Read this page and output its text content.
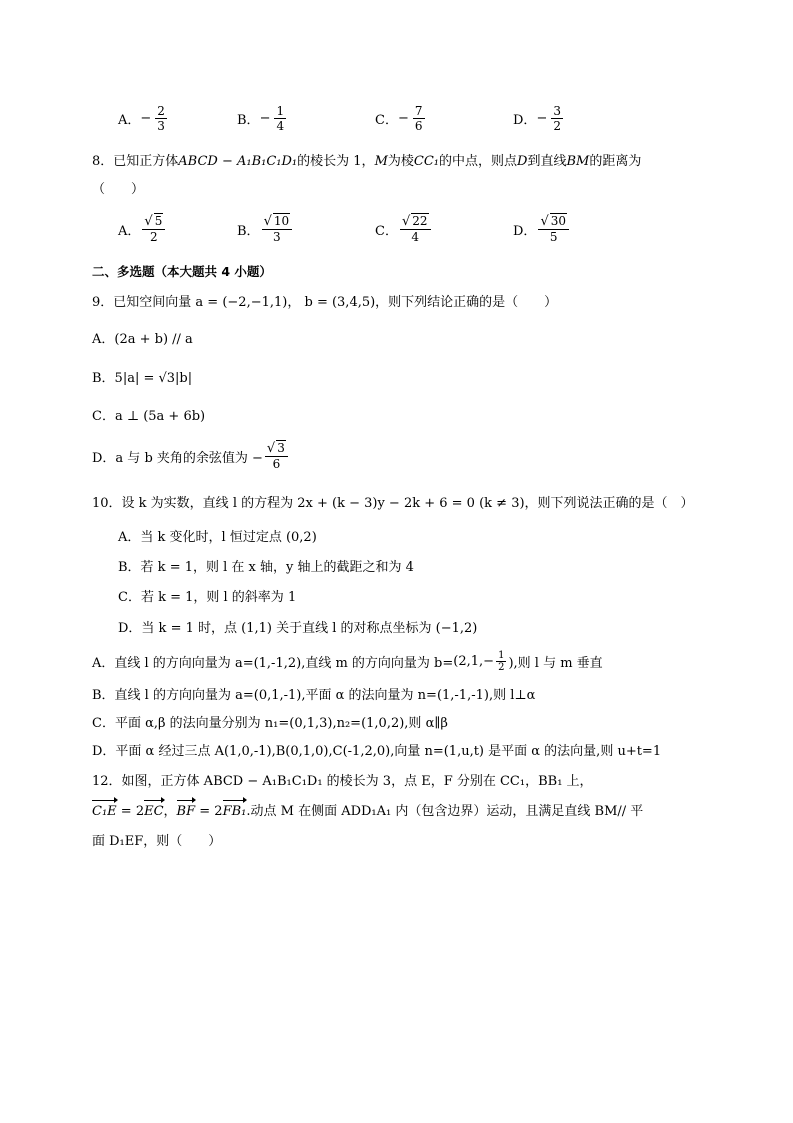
A． − $\frac{2}{3}$	B． − $\frac{1}{4}$	C． − $\frac{7}{6}$	D． − $\frac{3}{2}$
8．已知正方体ABCD − A₁B₁C₁D₁的棱长为 1，M为棱CC₁的中点，则点D到直线BM的距离为
（　　）
A． $\frac{√ 5}{2}$	B． $\frac{√ 10}{3}$	C． $\frac{√ 22}{4}$	D． $\frac{√ 30}{5}$
二、多选题（本大题共 4 小题）
9．已知空间向量 a = (−2,−1,1)， b = (3,4,5)，则下列结论正确的是（　　）
A．(2a + b) // a
B．5|a| = √3|b|
C．a ⊥ (5a + 6b)
D．a 与 b 夹角的余弦值为 − $\frac{√ 3}{6}$
10．设 k 为实数，直线 l 的方程为 2x + (k − 3)y − 2k + 6 = 0 (k ≠ 3)，则下列说法正确的是（　）
A．当 k 变化时，l 恒过定点 (0,2)
B．若 k = 1，则 l 在 x 轴，y 轴上的截距之和为 4
C．若 k = 1，则 l 的斜率为 1
D．当 k = 1 时，点 (1,1) 关于直线 l 的对称点坐标为 (−1,2)
A．直线 l 的方向向量为 a=(1,-1,2),直线 m 的方向向量为 $b= (2,1,- \frac{1}{2}$ ),则 l 与 m 垂直
B．直线 l 的方向向量为 a=(0,1,-1),平面 α 的法向量为 n=(1,-1,-1),则 l⊥α
C．平面 α,β 的法向量分别为 n₁=(0,1,3),n₂=(1,0,2),则 α∥β
D．平面 α 经过三点 A(1,0,-1),B(0,1,0),C(-1,2,0),向量 n=(1,u,t) 是平面 α 的法向量,则 u+t=1
12．如图，正方体 ABCD − A₁B₁C₁D₁ 的棱长为 3，点 E，F 分别在 CC₁，BB₁ 上，
C₁E = 2EC，BF = 2FB₁.动点 M 在侧面 ADD₁A₁ 内（包含边界）运动，且满足直线 BM// 平
面 D₁EF，则（　　）
